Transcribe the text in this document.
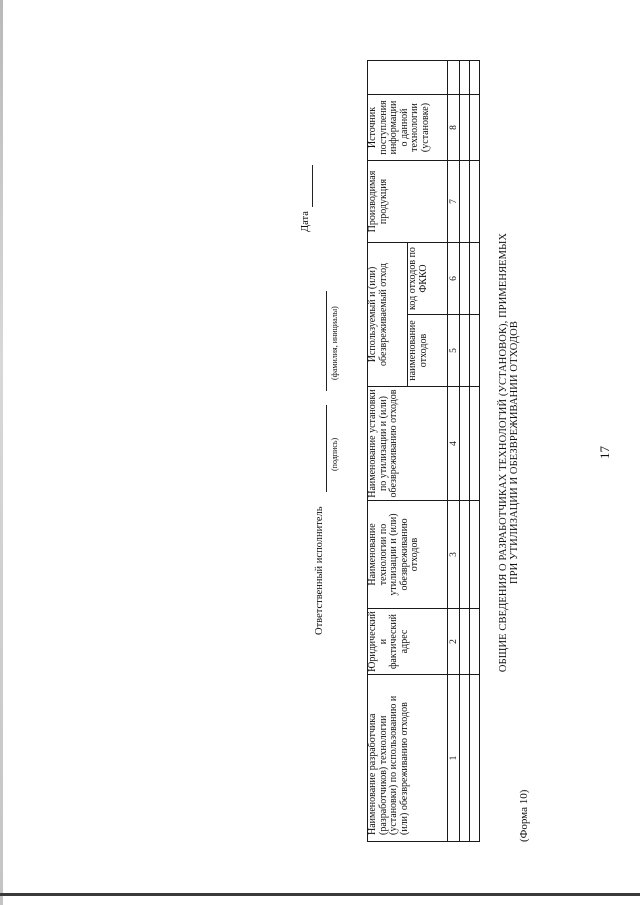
17

(Форма 10)
ОБЩИЕ СВЕДЕНИЯ О РАЗРАБОТЧИКАХ ТЕХНОЛОГИЙ (УСТАНОВОК), ПРИМЕНЯЕМЫХ ПРИ УТИЛИЗАЦИИ И ОБЕЗВРЕЖИВАНИИ ОТХОДОВ
Наименование разработчика (разработчиков) технологии (установки) по использованию и (или) обезвреживанию отходов	Юридический и фактический адрес	Наименование технологии по утилизации и (или) обезвреживанию отходов	Наименование установки по утилизации и (или) обезвреживанию отходов	Используемый и (или) обезвреживаемый отход		Производимая продукция	Источник поступления информации о данной технологии (установке)	
				наименование отходов	код отходов по ФККО			
1	2	3	4	5	6	7	8	

Ответственный исполнитель
(подпись)
(фамилия, инициалы)
Дата
